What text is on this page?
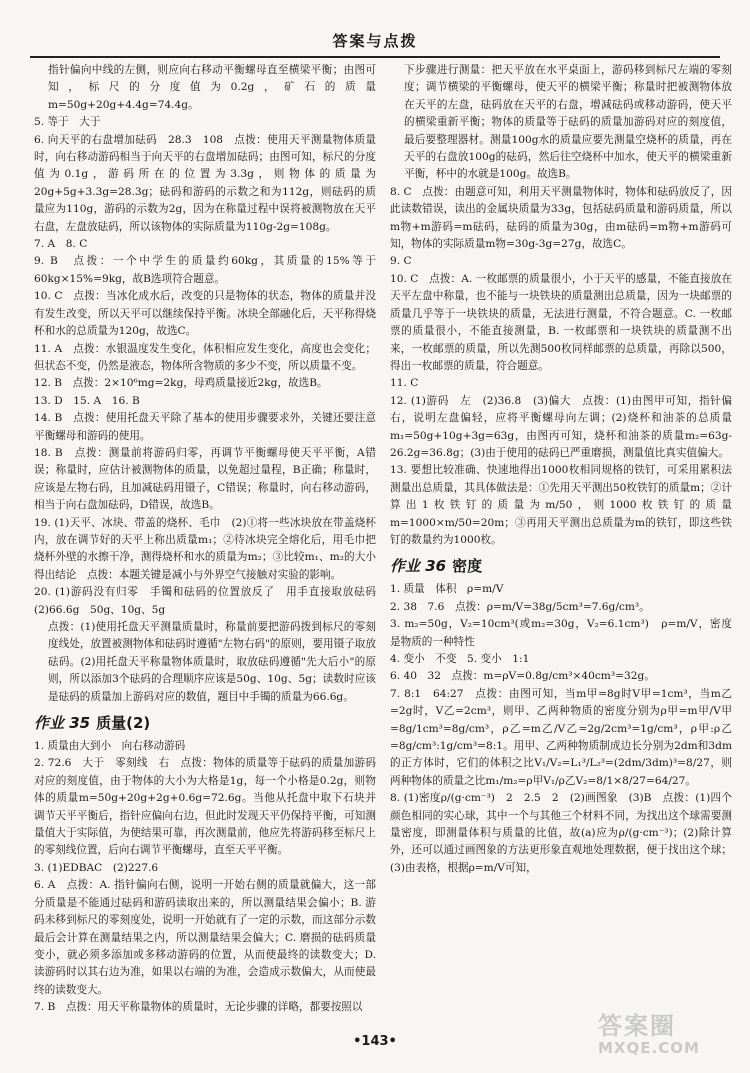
答案与点拨

指针偏向中线的左侧，则应向右移动平衡螺母直至横梁平衡；由图可知，标尺的分度值为0.2g，矿石的质量m=50g+20g+4.4g=74.4g。

5. 等于　大于

6. 向天平的右盘增加砝码　28.3　108　点拨：使用天平测量物体质量时，向右移动游码相当于向天平的右盘增加砝码；由图可知，标尺的分度值为0.1g，游码所在的位置为3.3g，则物体的质量为20g+5g+3.3g=28.3g；砝码和游码的示数之和为112g，则砝码的质量应为110g，游码的示数为2g，因为在称量过程中误将被测物放在天平右盘，左盘放砝码，所以该物体的实际质量为110g-2g=108g。

7. A　8. C

9. B　点拨：一个中学生的质量约60kg，其质量的15%等于60kg×15%=9kg，故B选项符合题意。

10. C　点拨：当冰化成水后，改变的只是物体的状态，物体的质量并没有发生改变，所以天平可以继续保持平衡。冰块全部融化后，天平称得烧杯和水的总质量为120g，故选C。

11. A　点拨：水银温度发生变化，体积相应发生变化，高度也会变化；但状态不变，仍然是液态，物体所含物质的多少不变，所以质量不变。

12. B　点拨：2×10⁶mg=2kg，母鸡质量接近2kg，故选B。

13. D　15. A　16. B

14. B　点拨：使用托盘天平除了基本的使用步骤要求外，关键还要注意平衡螺母和游码的使用。

18. B　点拨：测量前将游码归零，再调节平衡螺母使天平平衡，A错误；称量时，应估计被测物体的质量，以免超过量程，B正确；称量时，应该是左物右码，且加减砝码用镊子，C错误；称量时，向右移动游码，相当于向右盘加砝码，D错误，故选B。

19. (1)天平、冰块、带盖的烧杯、毛巾　(2)①将一些冰块放在带盖烧杯内，放在调节好的天平上称出质量m₁；②待冰块完全熔化后，用毛巾把烧杯外壁的水擦干净，测得烧杯和水的质量为m₂；③比较m₁、m₂的大小得出结论　点拨：本题关键是减小与外界空气接触对实验的影响。

20. (1)游码没有归零　手镯和砝码的位置放反了　用手直接取放砝码　(2)66.6g　50g、10g、5g

点拨：(1)使用托盘天平测量质量时，称量前要把游码拨到标尺的零刻度线处，放置被测物体和砝码时遵循"左物右码"的原则，要用镊子取放砝码。(2)用托盘天平称量物体质量时，取放砝码遵循"先大后小"的原则，所以添加3个砝码的合理顺序应该是50g、10g、5g；读数时应该是砝码的质量加上游码对应的数值，题目中手镯的质量为66.6g。

作业 35 质量(2)

1. 质量由大到小　向右移动游码

2. 72.6　大于　零刻线　右　点拨：物体的质量等于砝码的质量加游码对应的刻度值，由于物体的大小为大格是1g，每一个小格是0.2g，则物体的质量m=50g+20g+2g+0.6g=72.6g。当他从托盘中取下石块并调节天平平衡后，指针应偏向右边，但此时发现天平仍保持平衡，可知测量值大于实际值，为使结果可靠，再次测量前，他应先将游码移至标尺上的零刻线位置，后向右调节平衡螺母，直至天平平衡。

3. (1)EDBAC　(2)227.6

6. A　点拨：A. 指针偏向右侧，说明一开始右侧的质量就偏大，这一部分质量是不能通过砝码和游码读取出来的，所以测量结果会偏小；B. 游码未移到标尺的零刻度处，说明一开始就有了一定的示数，而这部分示数最后会计算在测量结果之内，所以测量结果会偏大；C. 磨损的砝码质量变小，就必须多添加或多移动游码的位置，从而使最终的读数变大；D. 读游码时以其右边为准，如果以右端的为准，会造成示数偏大，从而使最终的读数变大。

7. B　点拨：用天平称量物体的质量时，无论步骤的详略，都要按照以

下步骤进行测量：把天平放在水平桌面上，游码移到标尺左端的零刻度；调节横梁的平衡螺母，使天平的横梁平衡；称量时把被测物体放在天平的左盘，砝码放在天平的右盘，增减砝码或移动游码，使天平的横梁重新平衡；物体的质量等于砝码的质量加游码对应的刻度值，最后要整理器材。测量100g水的质量应要先测量空烧杯的质量，再在天平的右盘放100g的砝码，然后往空烧杯中加水，使天平的横梁重新平衡，杯中的水就是100g。故选B。

8. C　点拨：由题意可知，利用天平测量物体时，物体和砝码放反了，因此读数错误，读出的金属块质量为33g，包括砝码质量和游码质量，所以m物+m游码=m砝码，砝码的质量为30g，由m砝码=m物+m游码可知，物体的实际质量m物=30g-3g=27g，故选C。

9. C

10. C　点拨：A. 一枚邮票的质量很小，小于天平的感量，不能直接放在天平左盘中称量，也不能与一块铁块的质量测出总质量，因为一块邮票的质量几乎等于一块铁块的质量，无法进行测量，不符合题意。C. 一枚邮票的质量很小，不能直接测量，B. 一枚邮票和一块铁块的质量测不出来，一枚邮票的质量，所以先测500枚同样邮票的总质量，再除以500，得出一枚邮票的质量，符合题意。

11. C

12. (1)游码　左　(2)36.8　(3)偏大　点拨：(1)由图甲可知，指针偏右，说明左盘偏轻，应将平衡螺母向左调；(2)烧杯和油茶的总质量m₁=50g+10g+3g=63g，由图丙可知，烧杯和油茶的质量m₂=63g-26.2g=36.8g；(3)由于使用的砝码已严重磨损，测量值比真实值偏大。

13. 要想比较准确、快速地得出1000枚相同规格的铁钉，可采用累积法测量出总质量，其具体做法是：①先用天平测出50枚铁钉的质量m；②计算出1枚铁钉的质量为m/50，则1000枚铁钉的质量m=1000×m/50=20m；③再用天平测出总质量为m的铁钉，即这些铁钉的数量约为1000枚。

作业 36 密度

1. 质量　体积　ρ=m/V

2. 38　7.6　点拨：ρ=m/V=38g/5cm³=7.6g/cm³。

3. m₂=50g，V₂=10cm³(或m₂=30g，V₂=6.1cm³)　ρ=m/V，密度是物质的一种特性

4. 变小　不变　5. 变小　1:1

6. 40　32　点拨：m=ρV=0.8g/cm³×40cm³=32g。

7. 8:1　64:27　点拨：由图可知，当m甲=8g时V甲=1cm³，当m乙=2g时，V乙=2cm³，则甲、乙两种物质的密度分别为ρ甲=m甲/V甲=8g/1cm³=8g/cm³，ρ乙=m乙/V乙=2g/2cm³=1g/cm³，ρ甲:ρ乙=8g/cm³:1g/cm³=8:1。用甲、乙两种物质制成边长分别为2dm和3dm的正方体时，它们的体积之比V₁/V₂=L₁³/L₂³=(2dm/3dm)³=8/27，则两种物体的质量之比m₁/m₂=ρ甲V₁/ρ乙V₂=8/1×8/27=64/27。

8. (1)密度ρ/(g·cm⁻³)　2　2.5　2　(2)画图象　(3)B　点拨：(1)四个颜色相同的实心球，其中一个与其他三个材料不同，为找出这个球需要测量密度，即测量体积与质量的比值，故(a)应为ρ/(g·cm⁻³)；(2)除计算外，还可以通过画图象的方法更形象直观地处理数据，便于找出这个球；(3)由表格，根据ρ=m/V可知，

•143•
答案圈
MXQE.COM
